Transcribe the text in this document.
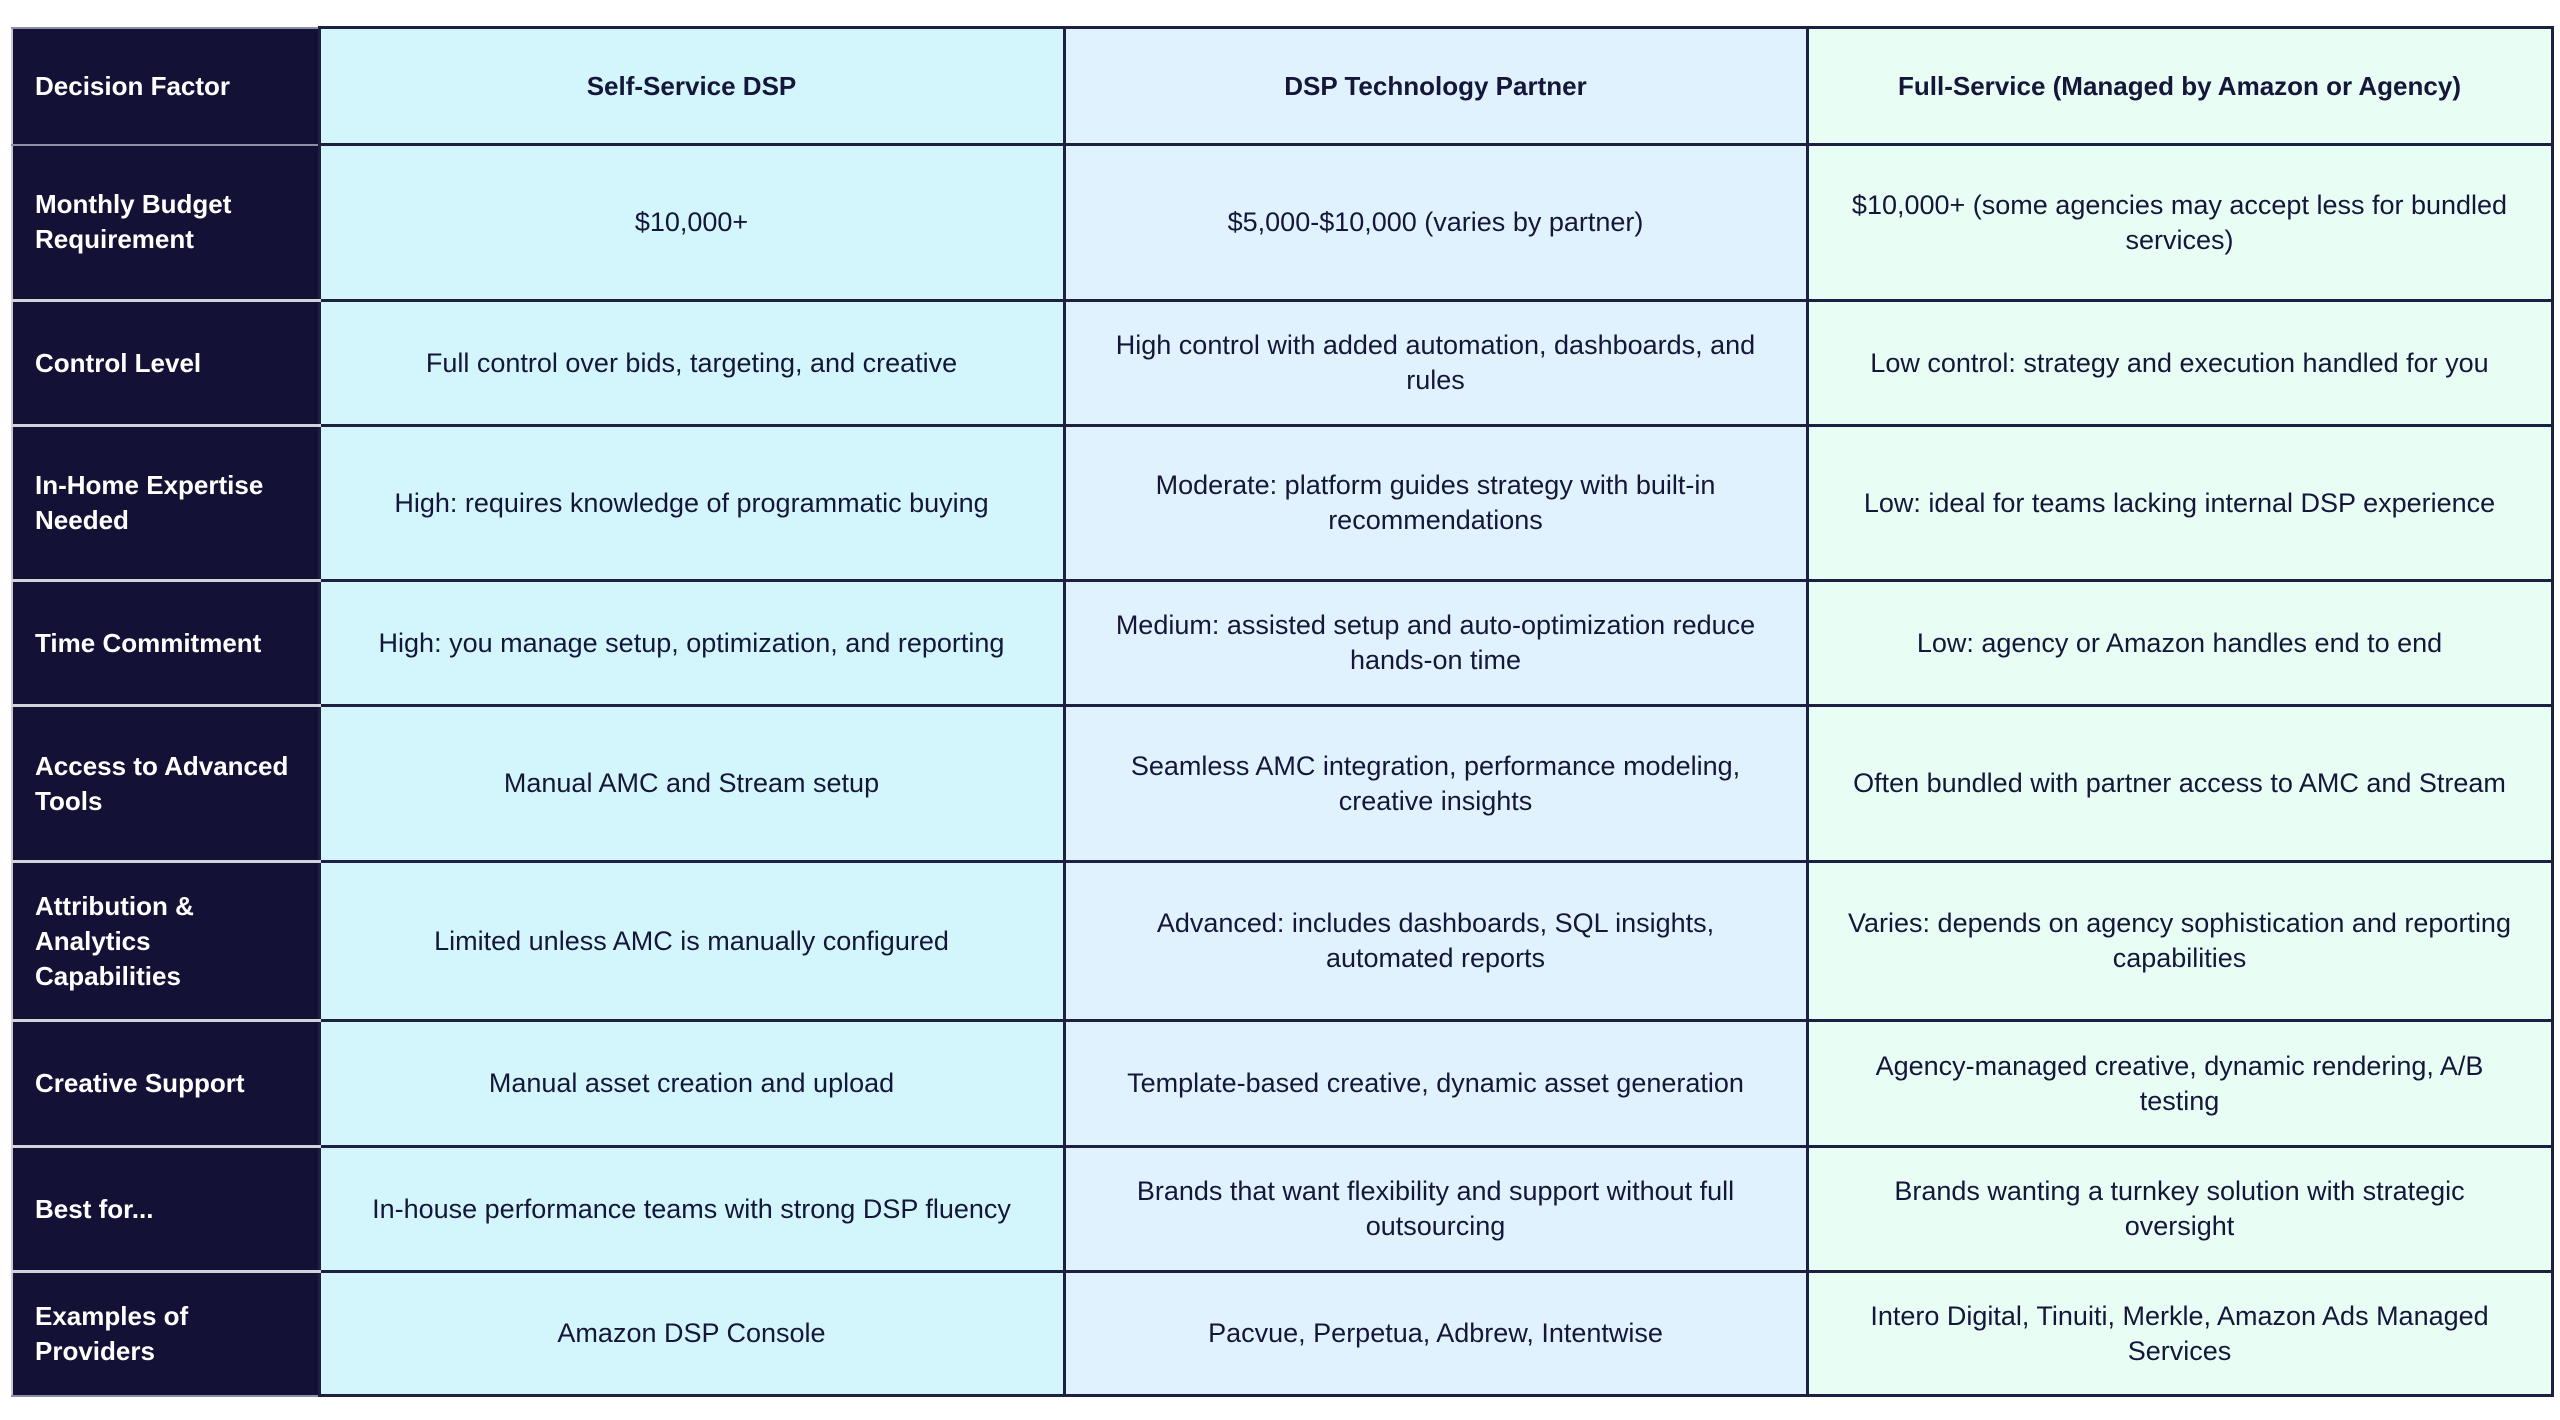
Decision Factor	Self-Service DSP	DSP Technology Partner	Full-Service (Managed by Amazon or Agency)
Monthly Budget Requirement	$10,000+	$5,000-$10,000 (varies by partner)	$10,000+ (some agencies may accept less for bundled services)
Control Level	Full control over bids, targeting, and creative	High control with added automation, dashboards, and rules	Low control: strategy and execution handled for you
In-Home Expertise Needed	High: requires knowledge of programmatic buying	Moderate: platform guides strategy with built-in recommendations	Low: ideal for teams lacking internal DSP experience
Time Commitment	High: you manage setup, optimization, and reporting	Medium: assisted setup and auto-optimization reduce hands-on time	Low: agency or Amazon handles end to end
Access to Advanced Tools	Manual AMC and Stream setup	Seamless AMC integration, performance modeling, creative insights	Often bundled with partner access to AMC and Stream
Attribution & Analytics Capabilities	Limited unless AMC is manually configured	Advanced: includes dashboards, SQL insights, automated reports	Varies: depends on agency sophistication and reporting capabilities
Creative Support	Manual asset creation and upload	Template-based creative, dynamic asset generation	Agency-managed creative, dynamic rendering, A/B testing
Best for...	In-house performance teams with strong DSP fluency	Brands that want flexibility and support without full outsourcing	Brands wanting a turnkey solution with strategic oversight
Examples of Providers	Amazon DSP Console	Pacvue, Perpetua, Adbrew, Intentwise	Intero Digital, Tinuiti, Merkle, Amazon Ads Managed Services
